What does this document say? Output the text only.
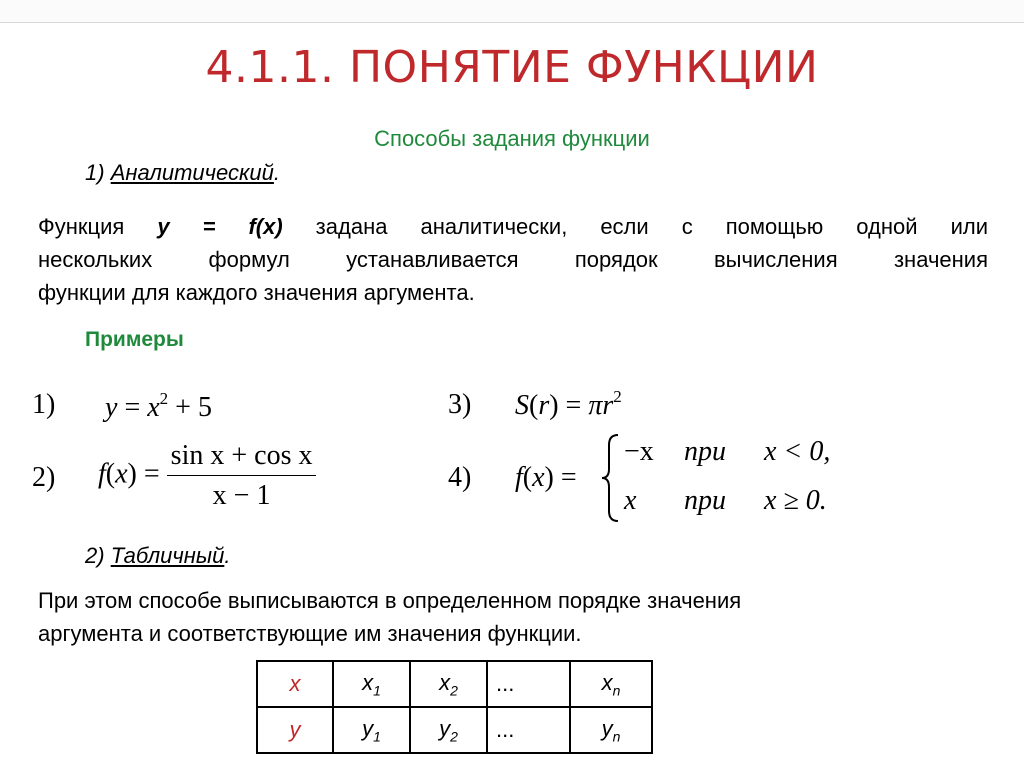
4.1.1. ПОНЯТИЕ ФУНКЦИИ
Способы задания функции
1) Аналитический.
Функция y = f(x) задана аналитически, если с помощью одной или
нескольких формул устанавливается порядок вычисления значения
функции для каждого значения аргумента.
Примеры
1) $y = x^2 + 5$	3) $S(r) = \pi r^2$
2) $f(x) = \frac{\text{sin x + cos x}}{x - 1}$	4) f(x) =
−x при x < 0,
x при x ≥ 0.
2) Табличный.
При этом способе выписываются в определенном порядке значения
аргумента и соответствующие им значения функции.
x	$x_1$	$x_2$	...	$x_n$
y	$y_1$	$y_2$	...	$y_n$
